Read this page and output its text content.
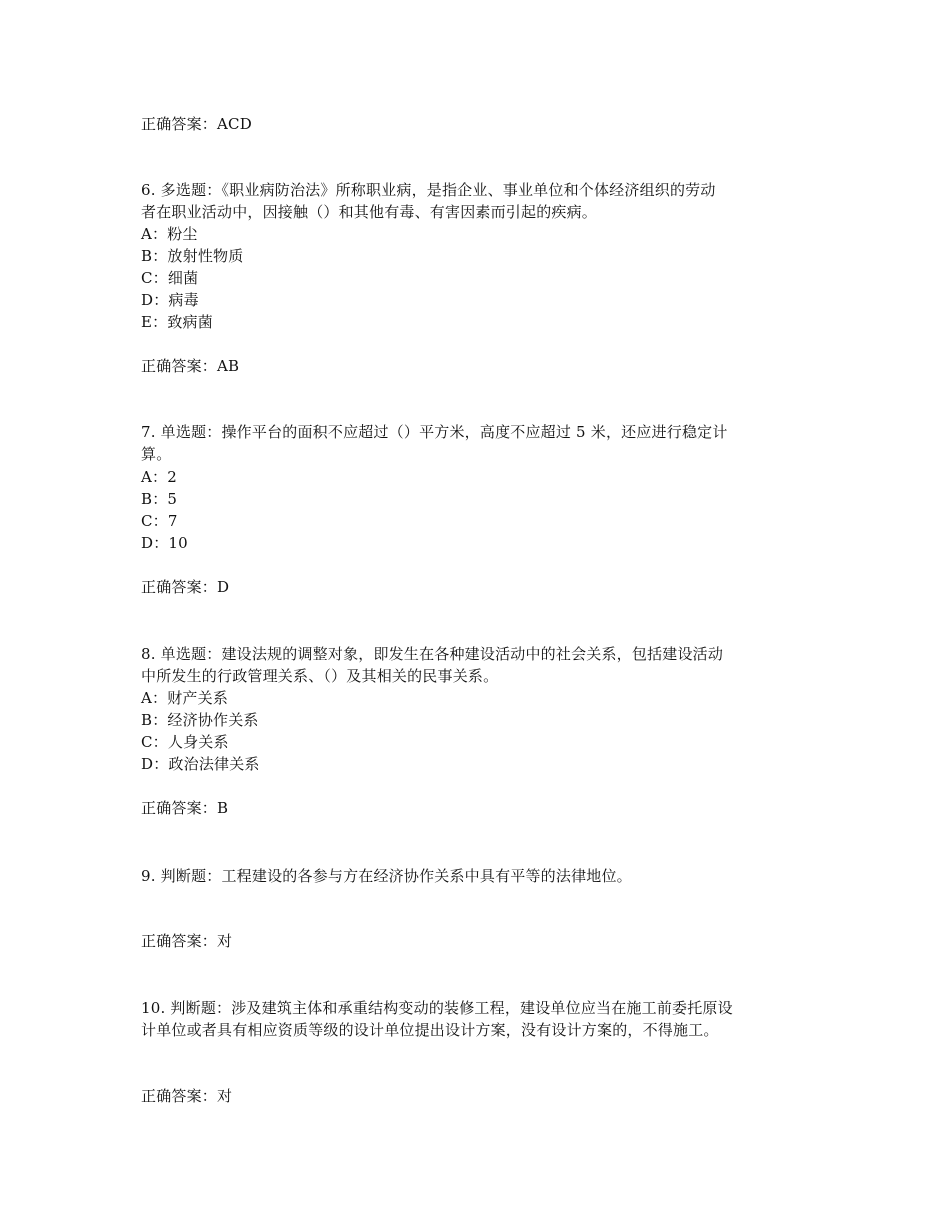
正确答案：ACD
6. 多选题：《职业病防治法》所称职业病，是指企业、事业单位和个体经济组织的劳动
者在职业活动中，因接触（）和其他有毒、有害因素而引起的疾病。
A：粉尘
B：放射性物质
C：细菌
D：病毒
E：致病菌
正确答案：AB
7. 单选题：操作平台的面积不应超过（）平方米，高度不应超过 5 米，还应进行稳定计
算。
A：2
B：5
C：7
D：10
正确答案：D
8. 单选题：建设法规的调整对象，即发生在各种建设活动中的社会关系，包括建设活动
中所发生的行政管理关系、（）及其相关的民事关系。
A：财产关系
B：经济协作关系
C：人身关系
D：政治法律关系
正确答案：B
9. 判断题：工程建设的各参与方在经济协作关系中具有平等的法律地位。
正确答案：对
10. 判断题：涉及建筑主体和承重结构变动的装修工程，建设单位应当在施工前委托原设
计单位或者具有相应资质等级的设计单位提出设计方案，没有设计方案的，不得施工。
正确答案：对
